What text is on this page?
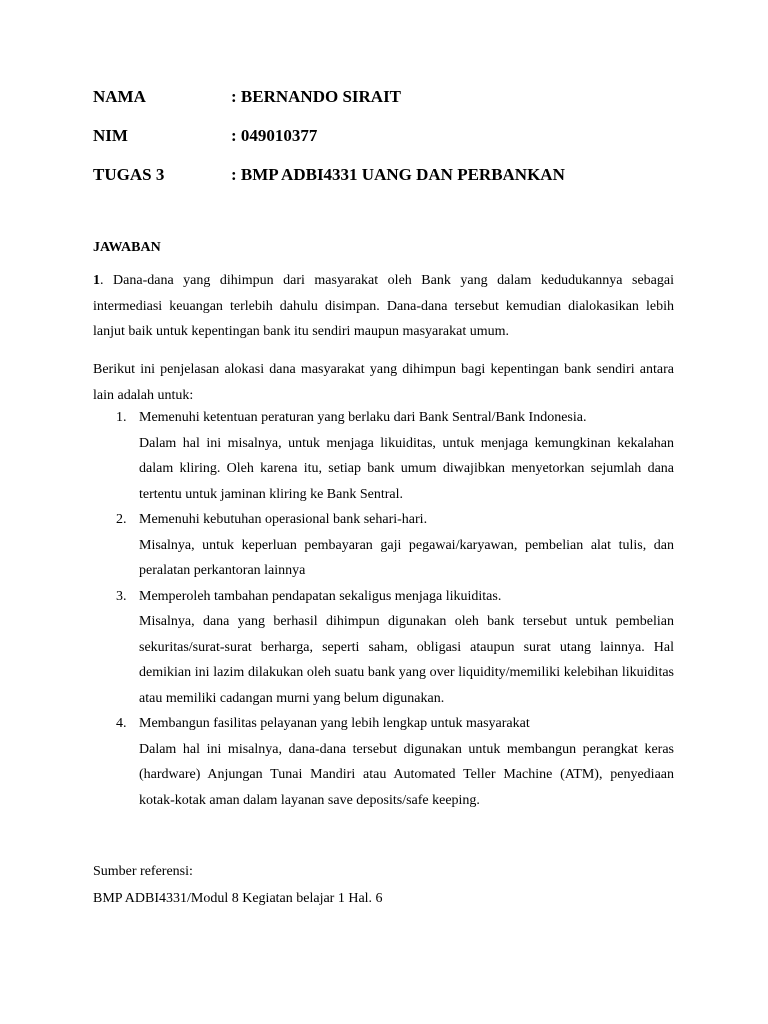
NAMA	: BERNANDO SIRAIT
NIM	: 049010377
TUGAS 3	: BMP ADBI4331 UANG DAN PERBANKAN
JAWABAN
1. Dana-dana yang dihimpun dari masyarakat oleh Bank yang dalam kedudukannya sebagai intermediasi keuangan terlebih dahulu disimpan. Dana-dana tersebut kemudian dialokasikan lebih lanjut baik untuk kepentingan bank itu sendiri maupun masyarakat umum.
Berikut ini penjelasan alokasi dana masyarakat yang dihimpun bagi kepentingan bank sendiri antara lain adalah untuk:
1. Memenuhi ketentuan peraturan yang berlaku dari Bank Sentral/Bank Indonesia.
Dalam hal ini misalnya, untuk menjaga likuiditas, untuk menjaga kemungkinan kekalahan dalam kliring. Oleh karena itu, setiap bank umum diwajibkan menyetorkan sejumlah dana tertentu untuk jaminan kliring ke Bank Sentral.
2. Memenuhi kebutuhan operasional bank sehari-hari.
Misalnya, untuk keperluan pembayaran gaji pegawai/karyawan, pembelian alat tulis, dan peralatan perkantoran lainnya
3. Memperoleh tambahan pendapatan sekaligus menjaga likuiditas.
Misalnya, dana yang berhasil dihimpun digunakan oleh bank tersebut untuk pembelian sekuritas/surat-surat berharga, seperti saham, obligasi ataupun surat utang lainnya. Hal demikian ini lazim dilakukan oleh suatu bank yang over liquidity/memiliki kelebihan likuiditas atau memiliki cadangan murni yang belum digunakan.
4. Membangun fasilitas pelayanan yang lebih lengkap untuk masyarakat
Dalam hal ini misalnya, dana-dana tersebut digunakan untuk membangun perangkat keras (hardware) Anjungan Tunai Mandiri atau Automated Teller Machine (ATM), penyediaan kotak-kotak aman dalam layanan save deposits/safe keeping.
Sumber referensi:
BMP ADBI4331/Modul 8 Kegiatan belajar 1 Hal. 6
